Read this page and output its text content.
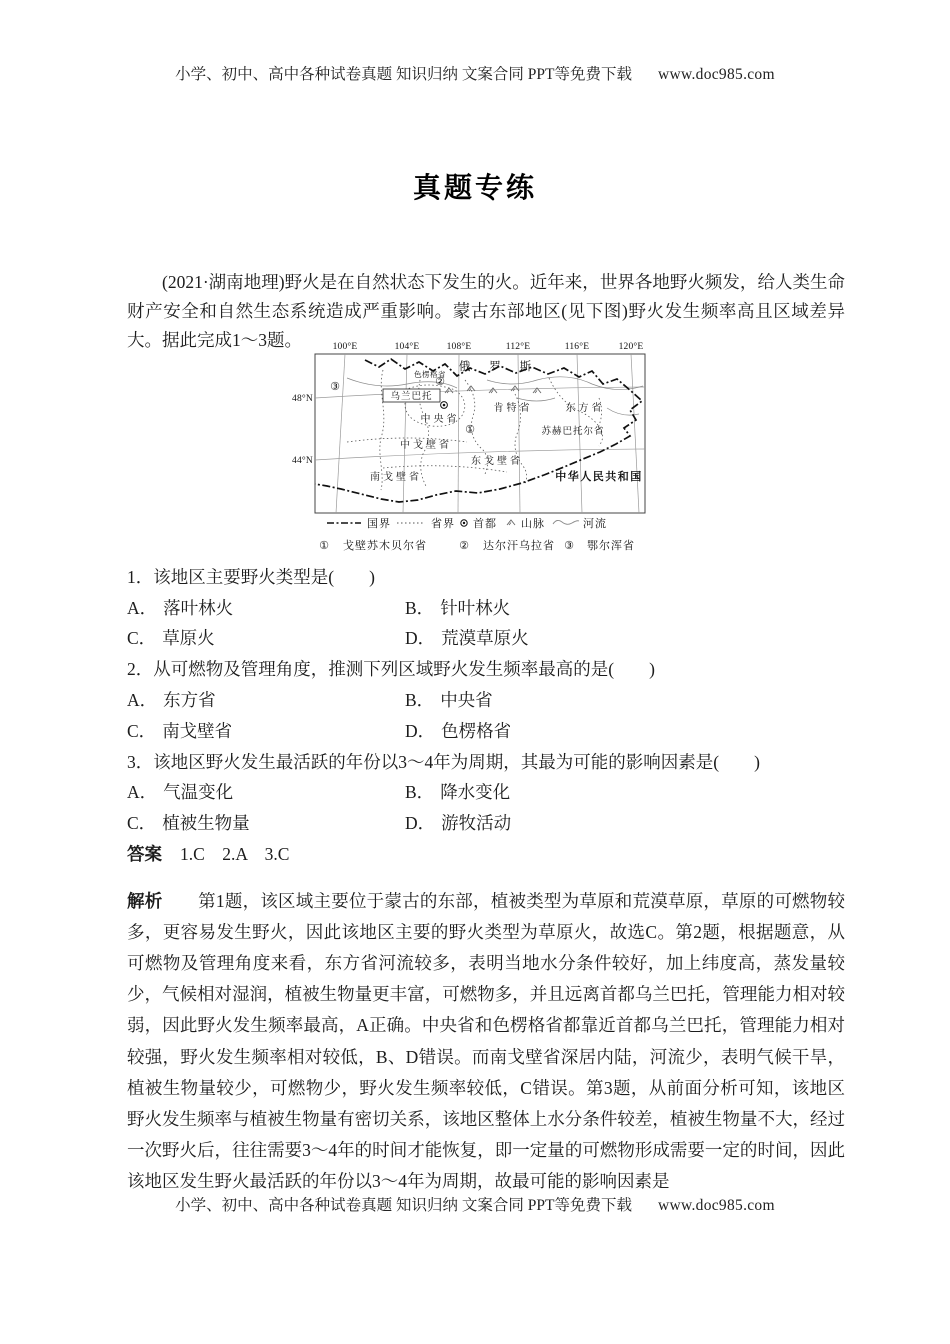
小学、初中、高中各种试卷真题 知识归纳 文案合同 PPT等免费下载 www.doc985.com
真题专练

(2021·湖南地理)野火是在自然状态下发生的火。近年来，世界各地野火频发，给人类生命财产安全和自然生态系统造成严重影响。蒙古东部地区(见下图)野火发生频率高且区域差异大。据此完成1～3题。	100°E	104°E	108°E	112°E	116°E	120°E
48°N
44°N
乌兰巴托
俄 罗 斯
色楞格省
②
③
中央省
肯特省	东方省
①	苏赫巴托尔省
中戈壁省
东戈壁省
南戈壁省	中华人民共和国
国界	省界 首都 山脉	河流
① 戈壁苏木贝尔省	② 达尔汗乌拉省 ③ 鄂尔浑省
1．该地区主要野火类型是(　　)
A． 落叶林火	B． 针叶林火
C． 草原火	D． 荒漠草原火
2．从可燃物及管理角度，推测下列区域野火发生频率最高的是(　　)
A． 东方省	B． 中央省
C． 南戈壁省	D． 色楞格省
3．该地区野火发生最活跃的年份以3～4年为周期，其最为可能的影响因素是(　　)
A． 气温变化	B． 降水变化
C． 植被生物量	D． 游牧活动
答案 1.C　2.A　3.C

解析　第1题，该区域主要位于蒙古的东部，植被类型为草原和荒漠草原，草原的可燃物较多，更容易发生野火，因此该地区主要的野火类型为草原火，故选C。第2题，根据题意，从可燃物及管理角度来看，东方省河流较多，表明当地水分条件较好，加上纬度高，蒸发量较少，气候相对湿润，植被生物量更丰富，可燃物多，并且远离首都乌兰巴托，管理能力相对较弱，因此野火发生频率最高，A正确。中央省和色楞格省都靠近首都乌兰巴托，管理能力相对较强，野火发生频率相对较低，B、D错误。而南戈壁省深居内陆，河流少，表明气候干旱，植被生物量较少，可燃物少，野火发生频率较低，C错误。第3题，从前面分析可知，该地区野火发生频率与植被生物量有密切关系，该地区整体上水分条件较差，植被生物量不大，经过一次野火后，往往需要3～4年的时间才能恢复，即一定量的可燃物形成需要一定的时间，因此该地区发生野火最活跃的年份以3～4年为周期，故最可能的影响因素是

小学、初中、高中各种试卷真题 知识归纳 文案合同 PPT等免费下载 www.doc985.com
